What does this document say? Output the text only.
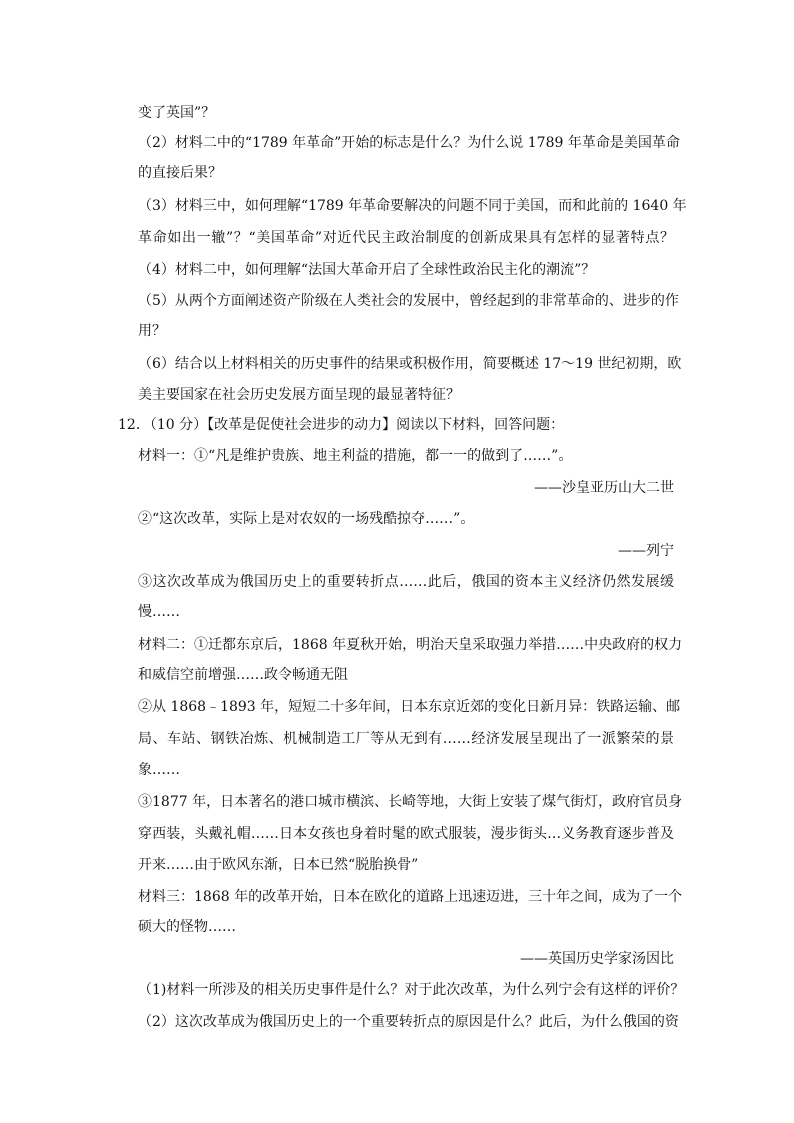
变了英国”？
（2）材料二中的“1789 年革命”开始的标志是什么？为什么说 1789 年革命是美国革命
的直接后果？
（3）材料三中，如何理解“1789 年革命要解决的问题不同于美国，而和此前的 1640 年
革命如出一辙”？“美国革命”对近代民主政治制度的创新成果具有怎样的显著特点？
（4）材料二中，如何理解“法国大革命开启了全球性政治民主化的潮流”？
（5）从两个方面阐述资产阶级在人类社会的发展中，曾经起到的非常革命的、进步的作
用？
（6）结合以上材料相关的历史事件的结果或积极作用，简要概述 17～19 世纪初期，欧
美主要国家在社会历史发展方面呈现的最显著特征？
12．（10 分）【改革是促使社会进步的动力】阅读以下材料，回答问题：
材料一：①“凡是维护贵族、地主利益的措施，都一一的做到了……”。
——沙皇亚历山大二世
②“这次改革，实际上是对农奴的一场残酷掠夺……”。
——列宁
③这次改革成为俄国历史上的重要转折点……此后，俄国的资本主义经济仍然发展缓
慢……
材料二：①迁都东京后，1868 年夏秋开始，明治天皇采取强力举措……中央政府的权力
和威信空前增强……政令畅通无阻
②从 1868﹣1893 年，短短二十多年间，日本东京近郊的变化日新月异：铁路运输、邮
局、车站、钢铁冶炼、机械制造工厂等从无到有……经济发展呈现出了一派繁荣的景
象……
③1877 年，日本著名的港口城市横滨、长崎等地，大街上安装了煤气街灯，政府官员身
穿西装，头戴礼帽……日本女孩也身着时髦的欧式服装，漫步街头…义务教育逐步普及
开来……由于欧风东渐，日本已然“脱胎换骨”
材料三：1868 年的改革开始，日本在欧化的道路上迅速迈进，三十年之间，成为了一个
硕大的怪物……
——英国历史学家汤因比
（1)材料一所涉及的相关历史事件是什么？对于此次改革，为什么列宁会有这样的评价？
（2）这次改革成为俄国历史上的一个重要转折点的原因是什么？此后，为什么俄国的资
